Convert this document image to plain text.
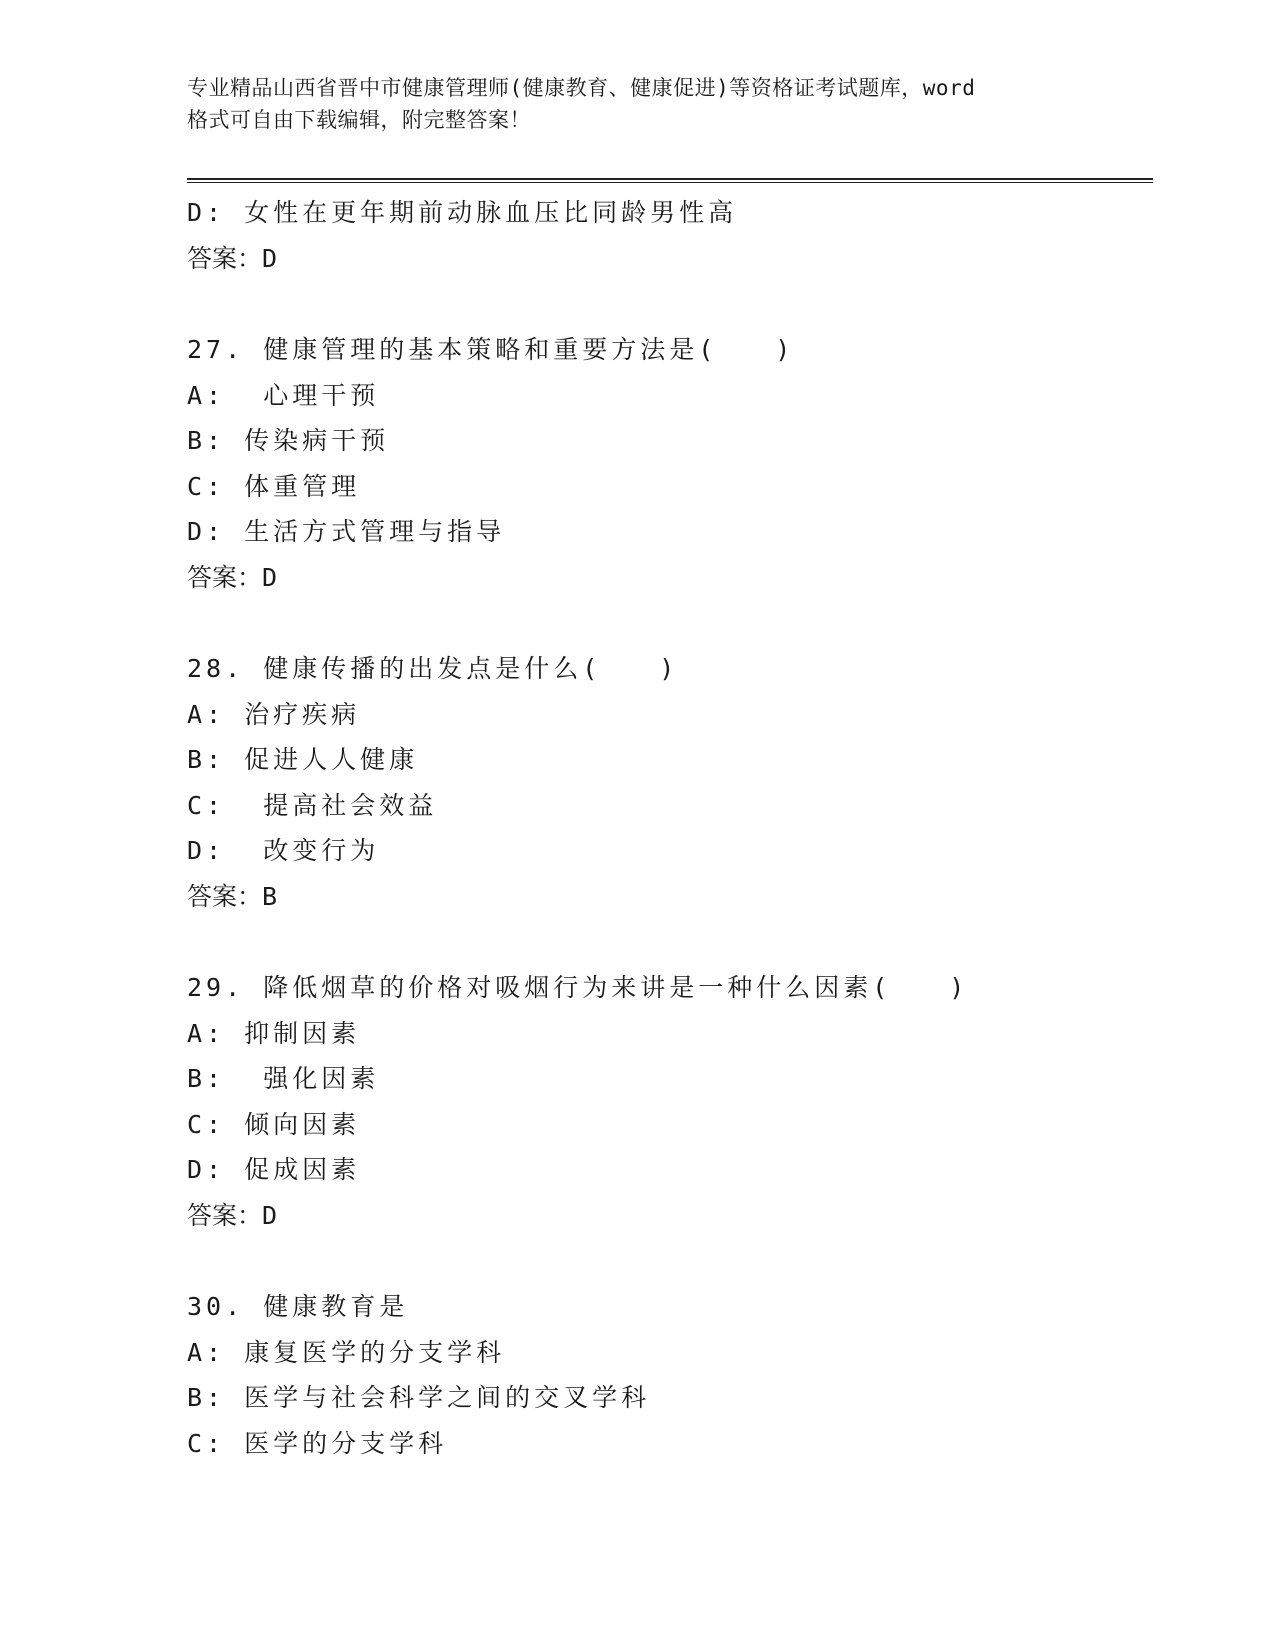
专业精品山西省晋中市健康管理师(健康教育、健康促进)等资格证考试题库，word
格式可自由下载编辑，附完整答案！
D: 女性在更年期前动脉血压比同龄男性高
答案：D
27. 健康管理的基本策略和重要方法是(　　)
A:  心理干预
B: 传染病干预
C: 体重管理
D: 生活方式管理与指导
答案：D
28. 健康传播的出发点是什么(　　)
A: 治疗疾病
B: 促进人人健康
C:  提高社会效益
D:  改变行为
答案：B
29. 降低烟草的价格对吸烟行为来讲是一种什么因素(　　)
A: 抑制因素
B:  强化因素
C: 倾向因素
D: 促成因素
答案：D
30. 健康教育是
A: 康复医学的分支学科
B: 医学与社会科学之间的交叉学科
C: 医学的分支学科
